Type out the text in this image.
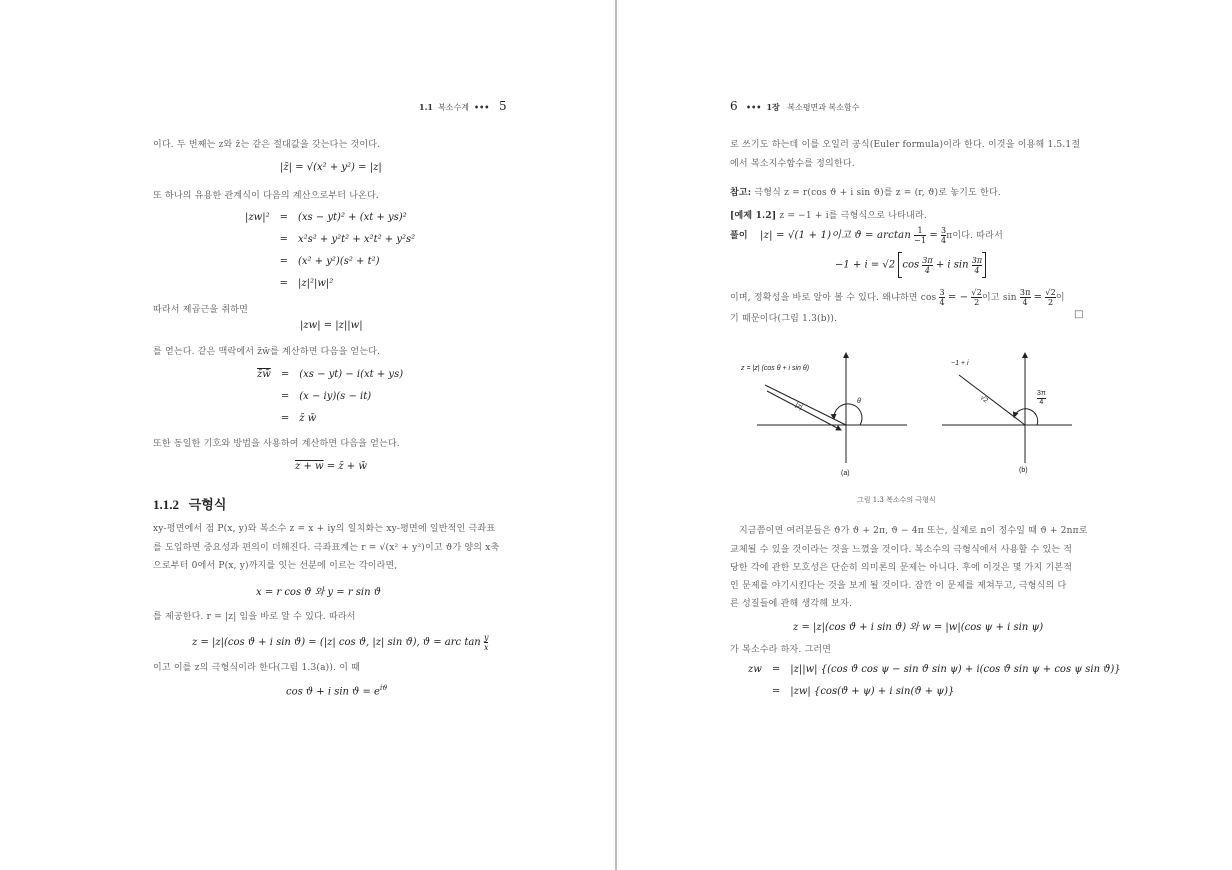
1.1 복소수계 ••• 5
이다. 두 번째는 z와 z̄는 같은 절대값을 갖는다는 것이다.
|z̄| = √(x² + y²) = |z|
또 하나의 유용한 관계식이 다음의 계산으로부터 나온다.
|zw|²	=	(xs − yt)² + (xt + ys)²
	=	x²s² + y²t² + x²t² + y²s²
	=	(x² + y²)(s² + t²)
	=	|z|²|w|²
따라서 제곱근을 취하면
|zw| = |z||w|
를 얻는다. 같은 맥락에서 z̄w̄를 계산하면 다음을 얻는다.
z̄w̄	=	(xs − yt) − i(xt + ys)
	=	(x − iy)(s − it)
	=	z̄ w̄
또한 동일한 기호와 방법을 사용하여 계산하면 다음을 얻는다.
z + w = z̄ + w̄
1.1.2 극형식
xy-평면에서 점 P(x, y)와 복소수 z = x + iy의 일치화는 xy-평면에 일반적인 극좌표
를 도입하면 중요성과 편의이 더해진다. 극좌표계는 r = √(x² + y²)이고 ϑ가 양의 x축
으로부터 0에서 P(x, y)까지를 잇는 선분에 이르는 각이라면,
x = r cos ϑ 와 y = r sin ϑ
를 제공한다. r = |z| 임을 바로 알 수 있다. 따라서
z = |z|(cos ϑ + i sin ϑ) = (|z| cos ϑ, |z| sin ϑ), ϑ = arc $\tan \frac{y}{x}$
이고 이를 z의 극형식이라 한다(그림 1.3(a)). 이 때
cos ϑ + i $\sin ϑ = e^{iϑ}$
6 ••• 1장 복소평면과 복소함수
로 쓰기도 하는데 이를 오일러 공식(Euler formula)이라 한다. 이것을 이용해 1.5.1절
에서 복소지수함수를 정의한다.
참고: 극형식 z = r(cos ϑ + i sin ϑ)를 z = (r, ϑ)로 놓기도 한다.
[예제 1.2] z = −1 + i를 극형식으로 나타내라.
풀이 |z| = √(1 + 1)이고 $ϑ = \arctan \frac{1}{-1} = \frac{3}{4}$ π이다. 따라서
−1 + i = √2 $\cos \frac{3\pi}{4} + i$ $\sin \frac{3\pi}{4}$
이며, 정확성을 바로 알아 볼 수 있다. 왜냐하면 $\cos \frac{3}{4}$ = − $\frac{√2}{2}$ 이고 $\sin \frac{3\pi}{4} = \frac{√2}{2}$ 이
기 때문이다(그림 1.3(b)).	□
z = |z| (cos θ + i sin θ)
|z|
θ
(a)
−1 + i
√2	$\frac{3\pi}{4}$
(b)
그림 1.3 복소수의 극형식
지금쯤이면 여러분들은 ϑ가 ϑ + 2π, ϑ − 4π 또는, 실제로 n이 정수일 때 ϑ + 2nπ로
교체될 수 있을 것이라는 것을 느꼈을 것이다. 복소수의 극형식에서 사용할 수 있는 적
당한 각에 관한 모호성은 단순히 의미론의 문제는 아니다. 후에 이것은 몇 가지 기본적
인 문제를 야기시킨다는 것을 보게 될 것이다. 잠깐 이 문제를 제쳐두고, 극형식의 다
른 성질들에 관해 생각해 보자.
z = |z|(cos ϑ + i sin ϑ) 와 w = |w|(cos ψ + i sin ψ)
가 복소수라 하자. 그러면
zw	=	|z||w| {(cos ϑ cos ψ − sin ϑ sin ψ) + i(cos ϑ sin ψ + cos ψ sin ϑ)}
	=	|zw| {cos(ϑ + ψ) + i sin(ϑ + ψ)}
